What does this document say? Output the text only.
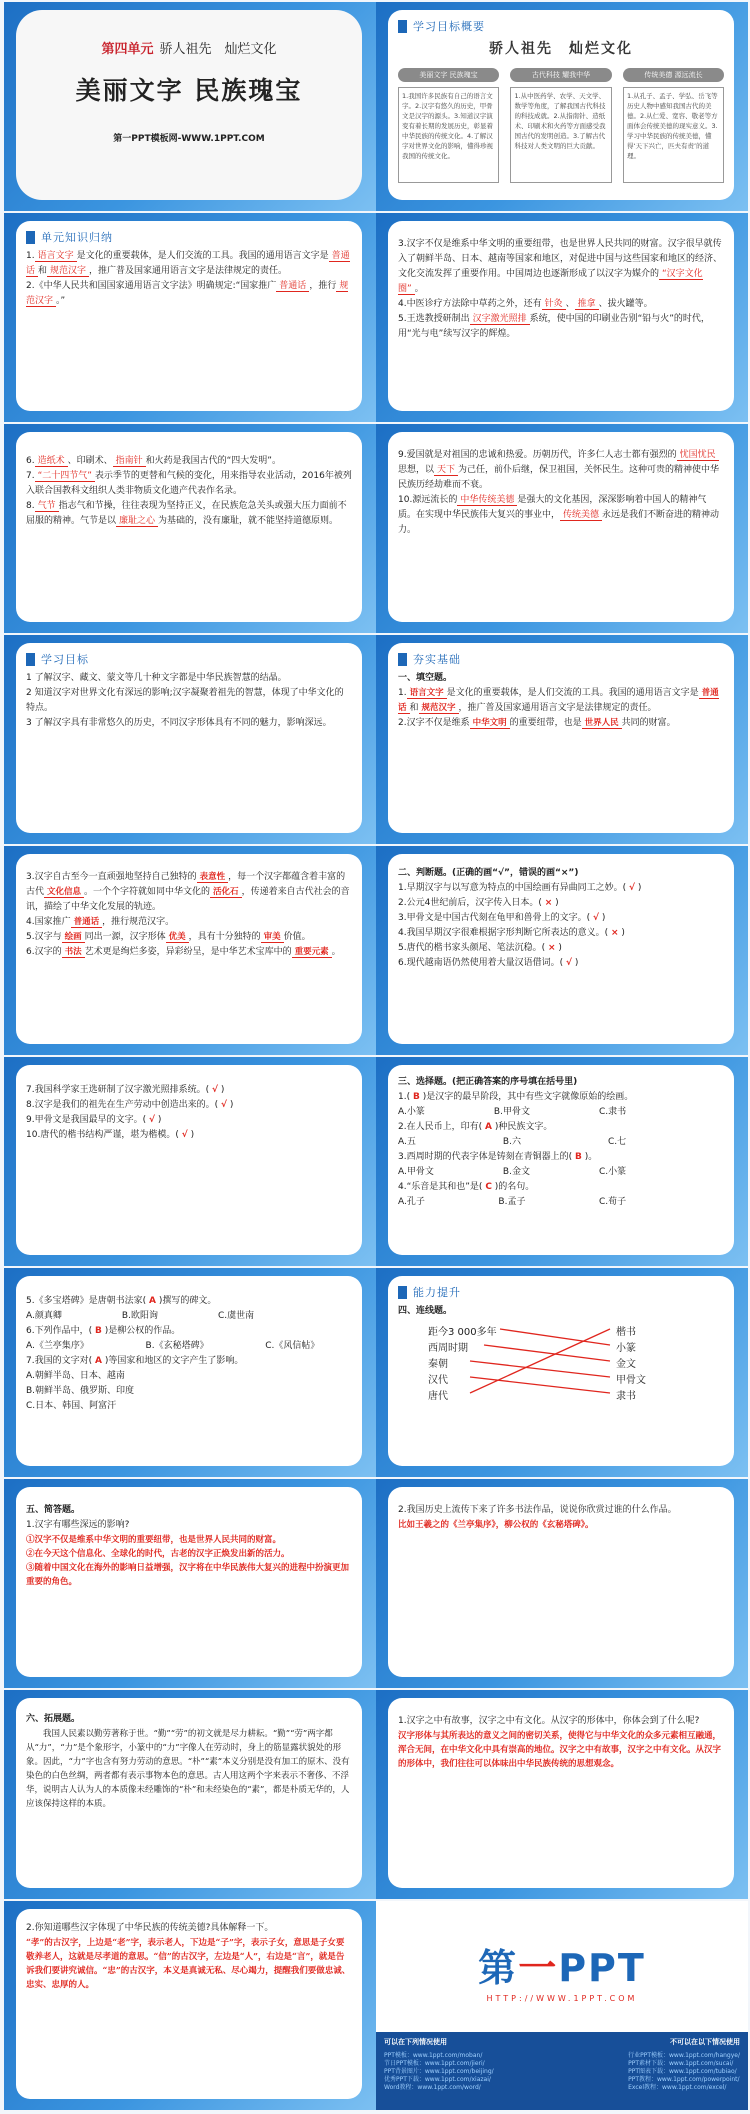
第四单元 骄人祖先　灿烂文化
美丽文字 民族瑰宝
第一PPT模板网-WWW.1PPT.COM
学习目标概要
骄人祖先　灿烂文化
美丽文字 民族瑰宝
1.我国许多民族有自己的语言文字。2.汉字有悠久的历史，甲骨文是汉字的源头。3.知道汉字演变有着长期的发展历史，彰显着中华民族的传统文化。4.了解汉字对世界文化的影响，懂得珍视我国的传统文化。
古代科技 耀我中华
1.从中医药学、农学、天文学、数学等角度，了解我国古代科技的科技成就。2.从指南针、造纸术、印刷术和火药等方面感受我国古代的发明创造。3.了解古代科技对人类文明的巨大贡献。
传统美德 源远流长
1.从孔子、孟子、学弘、岳飞等历史人物中感知我国古代的美德。2.从仁爱、宽容、敬老等方面体会传统美德的现实意义。3.学习中华民族的传统美德，懂得‘天下兴亡，匹夫有责’的道理。
单元知识归纳

1. 语言文字 是文化的重要载体，是人们交流的工具。我国的通用语言文字是 普通话 和 规范汉字 ，推广普及国家通用语言文字是法律规定的责任。

2.《中华人民共和国国家通用语言文字法》明确规定:“国家推广 普通话 ，推行 规范汉字 。”

3.汉字不仅是维系中华文明的重要纽带，也是世界人民共同的财富。汉字很早就传入了朝鲜半岛、日本、越南等国家和地区，对促进中国与这些国家和地区的经济、文化交流发挥了重要作用。中国周边也逐渐形成了以汉字为媒介的 “汉字文化圈” 。

4.中医诊疗方法除中草药之外，还有 针灸 、 推拿 、拔火罐等。

5.王选教授研制出 汉字激光照排 系统，使中国的印刷业告别“铅与火”的时代，用“光与电”续写汉字的辉煌。

6. 造纸术 、印刷术、 指南针 和火药是我国古代的“四大发明”。

7. “二十四节气” 表示季节的更替和气候的变化，用来指导农业活动，2016年被列入联合国教科文组织人类非物质文化遗产代表作名录。

8. 气节 指志气和节操，往往表现为坚持正义，在民族危急关头或强大压力面前不屈服的精神。气节是以 廉耻之心 为基础的，没有廉耻，就不能坚持道德原则。

9.爱国就是对祖国的忠诚和热爱。历朝历代，许多仁人志士都有强烈的 忧国忧民思想，以 天下 为己任，前仆后继，保卫祖国，关怀民生。这种可贵的精神使中华民族历经劫难而不衰。

10.源远流长的 中华传统美德 是强大的文化基因，深深影响着中国人的精神气质。在实现中华民族伟大复兴的事业中， 传统美德 永远是我们不断奋进的精神动力。

学习目标

1 了解汉字、藏文、蒙文等几十种文字都是中华民族智慧的结晶。

2 知道汉字对世界文化有深远的影响;汉字凝聚着祖先的智慧，体现了中华文化的特点。

3 了解汉字具有非常悠久的历史，不同汉字形体具有不同的魅力，影响深远。

夯实基础

一、填空题。

1. 语言文字 是文化的重要载体，是人们交流的工具。我国的通用语言文字是 普通话 和 规范汉字 ，推广普及国家通用语言文字是法律规定的责任。

2.汉字不仅是维系 中华文明 的重要纽带，也是 世界人民 共同的财富。

3.汉字自古至今一直顽强地坚持自己独特的 表意性 ，每一个汉字都蕴含着丰富的古代 文化信息 。一个个字符就如同中华文化的 活化石 ，传递着来自古代社会的音讯，描绘了中华文化发展的轨迹。

4.国家推广 普通话 ，推行规范汉字。

5.汉字与 绘画 同出一源，汉字形体 优美 ，具有十分独特的 审美 价值。

6.汉字的 书法 艺术更是绚烂多姿，异彩纷呈，是中华艺术宝库中的 重要元素 。

二、判断题。(正确的画“√”，错误的画“×”)

1.早期汉字与以写意为特点的中国绘画有异曲同工之妙。( √ )

2.公元4世纪前后，汉字传入日本。( × )

3.甲骨文是中国古代刻在龟甲和兽骨上的文字。( √ )

4.我国早期汉字很难根据字形判断它所表达的意义。( × )

5.唐代的楷书家头颜尾、笔法沉稳。( × )

6.现代越南语仍然使用着大量汉语借词。( √ )

7.我国科学家王选研制了汉字激光照排系统。( √ )

8.汉字是我们的祖先在生产劳动中创造出来的。( √ )

9.甲骨文是我国最早的文字。( √ )

10.唐代的楷书结构严谨，堪为楷模。( √ )

三、选择题。(把正确答案的序号填在括号里)

1.( B )是汉字的最早阶段，其中有些文字就像原始的绘画。

A.小篆	B.甲骨文	C.隶书

2.在人民币上，印有( A )种民族文字。

A.五	B.六	C.七

3.西周时期的代表字体是铸刻在青铜器上的( B )。

A.甲骨文	B.金文	C.小篆

4.“乐音是其和也”是( C )的名句。

A.孔子	B.孟子	C.荀子

5.《多宝塔碑》是唐朝书法家( A )撰写的碑文。

A.颜真卿	B.欧阳询	C.虞世南

6.下列作品中，( B )是柳公权的作品。

A.《兰亭集序》	B.《玄秘塔碑》	C.《风信帖》

7.我国的文字对( A )等国家和地区的文字产生了影响。

A.朝鲜半岛、日本、越南

B.朝鲜半岛、俄罗斯、印度

C.日本、韩国、阿富汗

能力提升
四、连线题。
距今3 000多年
西周时期
秦朝
汉代
唐代
楷书
小篆
金文
甲骨文
隶书

五、简答题。

1.汉字有哪些深远的影响?

①汉字不仅是维系中华文明的重要纽带，也是世界人民共同的财富。

②在今天这个信息化、全球化的时代，古老的汉字正焕发出新的活力。

③随着中国文化在海外的影响日益增强，汉字将在中华民族伟大复兴的进程中扮演更加重要的角色。

2.我国历史上流传下来了许多书法作品，说说你欣赏过谁的什么作品。

比如王羲之的《兰亭集序》，柳公权的《玄秘塔碑》。

六、拓展题。

我国人民素以勤劳著称于世。“勤”“劳”的初文就是尽力耕耘。“勤”“劳”两字都从“力”，“力”是个象形字，小篆中的“力”字像人在劳动时，身上的筋显露状貌处的形象。因此，“力”字也含有努力劳动的意思。“朴”“素”本义分别是没有加工的原木、没有染色的白色丝绸，两者都有表示事物本色的意思。古人用这两个字来表示不奢侈、不浮华，说明古人认为人的本质像未经雕饰的“朴”和未经染色的“素”，都是朴质无华的，人应该保持这样的本质。

1.汉字之中有故事，汉字之中有文化。从汉字的形体中，你体会到了什么呢?

汉字形体与其所表达的意义之间的密切关系，使得它与中华文化的众多元素相互融通，浑合无间，在中华文化中具有崇高的地位。汉字之中有故事，汉字之中有文化。从汉字的形体中，我们往往可以体味出中华民族传统的思想观念。

2.你知道哪些汉字体现了中华民族的传统美德?具体解释一下。

“孝”的古汉字，上边是“老”字，表示老人，下边是“子”字，表示子女，意思是子女要敬养老人，这就是尽孝道的意思。“信”的古汉字，左边是“人”，右边是“言”，就是告诉我们要讲究诚信。“忠”的古汉字，本义是真诚无私、尽心竭力，提醒我们要做忠诚、忠实、忠厚的人。	第一PPT
HTTP://WWW.1PPT.COM
可以在下列情况使用	不可以在以下情况使用
PPT模板：www.1ppt.com/moban/
节日PPT模板：www.1ppt.com/jieri/
PPT背景图片：www.1ppt.com/beijing/
优秀PPT下载：www.1ppt.com/xiazai/
Word教程：www.1ppt.com/word/
行业PPT模板：www.1ppt.com/hangye/
PPT素材下载：www.1ppt.com/sucai/
PPT图表下载：www.1ppt.com/tubiao/
PPT教程：www.1ppt.com/powerpoint/
Excel教程：www.1ppt.com/excel/
